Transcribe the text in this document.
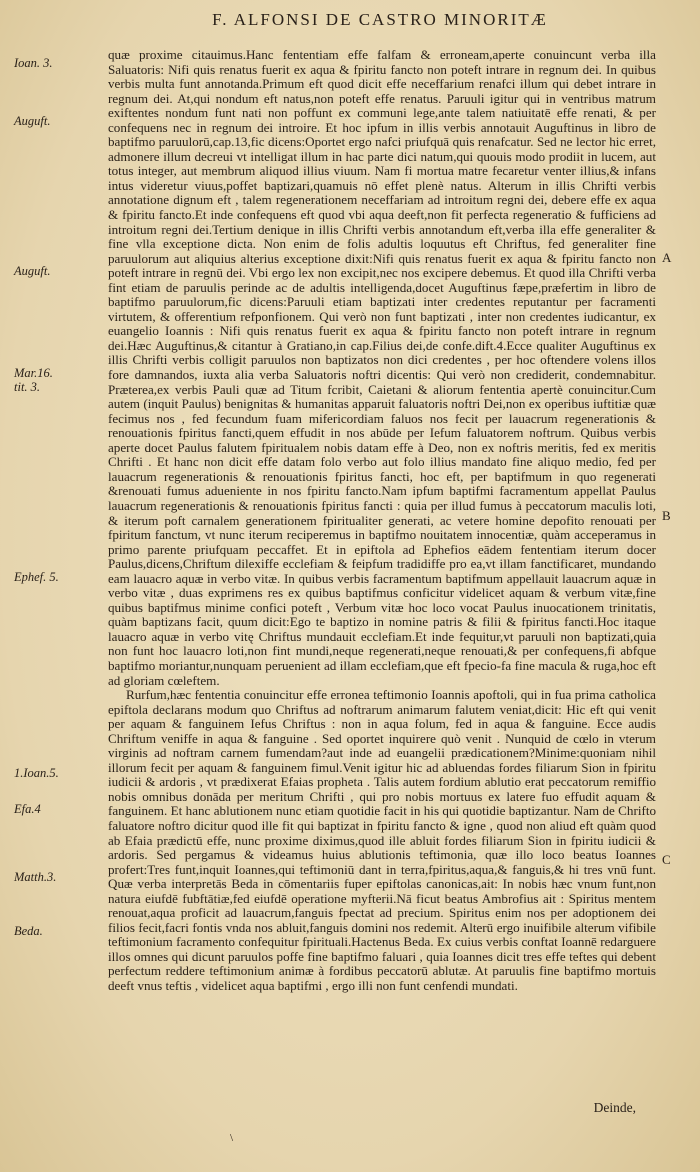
F. ALFONSI DE CASTRO MINORITÆ
Ioan. 3.
Auguft.
Auguft.
Mar.16.
tit. 3.
Ephef. 5.
1.Ioan.5.
Efa.4
Matth.3.
Beda.
A
B
C

quæ proxime citauimus.Hanc fententiam effe falfam & erroneam,aperte conuincunt verba illa Saluatoris: Nifi quis renatus fuerit ex aqua & fpiritu fancto non poteft intrare in regnum dei. In quibus verbis multa funt annotanda.Primum eft quod dicit effe neceffarium renafci illum qui debet intrare in regnum dei. At,qui nondum eft natus,non poteft effe renatus. Paruuli igitur qui in ventribus matrum exiftentes nondum funt nati non poffunt ex communi lege,ante talem natiuitatē effe renati, & per confequens nec in regnum dei introire. Et hoc ipfum in illis verbis annotauit Auguftinus in libro de baptifmo paruulorū,cap.13,fic dicens:Oportet ergo nafci priufquā quis renafcatur. Sed ne lector hic erret, admonere illum decreui vt intelligat illum in hac parte dici natum,qui quouis modo prodiit in lucem, aut totus integer, aut membrum aliquod illius viuum. Nam fi mortua matre fecaretur venter illius,& infans intus videretur viuus,poffet baptizari,quamuis nō effet plenè natus. Alterum in illis Chrifti verbis annotatione dignum eft , talem regenerationem neceffariam ad introitum regni dei, debere effe ex aqua & fpiritu fancto.Et inde confequens eft quod vbi aqua deeft,non fit perfecta regeneratio & fufficiens ad introitum regni dei.Tertium denique in illis Chrifti verbis annotandum eft,verba illa effe generaliter & fine vlla exceptione dicta. Non enim de folis adultis loquutus eft Chriftus, fed generaliter fine paruulorum aut aliquius alterius exceptione dixit:Nifi quis renatus fuerit ex aqua & fpiritu fancto non poteft intrare in regnū dei. Vbi ergo lex non excipit,nec nos excipere debemus. Et quod illa Chrifti verba fint etiam de paruulis perinde ac de adultis intelligenda,docet Auguftinus fæpe,præfertim in libro de baptifmo paruulorum,fic dicens:Paruuli etiam baptizati inter credentes reputantur per facramenti virtutem, & offerentium refponfionem. Qui verò non funt baptizati , inter non credentes iudicantur, ex euangelio Ioannis : Nifi quis renatus fuerit ex aqua & fpiritu fancto non poteft intrare in regnum dei.Hæc Auguftinus,& citantur à Gratiano,in cap.Filius dei,de confe.dift.4.Ecce qualiter Auguftinus ex illis Chrifti verbis colligit paruulos non baptizatos non dici credentes , per hoc oftendere volens illos fore damnandos, iuxta alia verba Saluatoris noftri dicentis: Qui verò non crediderit, condemnabitur. Præterea,ex verbis Pauli quæ ad Titum fcribit, Caietani & aliorum fententia apertè conuincitur.Cum autem (inquit Paulus) benignitas & humanitas apparuit faluatoris noftri Dei,non ex operibus iuftitiæ quæ fecimus nos , fed fecundum fuam mifericordiam faluos nos fecit per lauacrum regenerationis & renouationis fpiritus fancti,quem effudit in nos abūde per Iefum faluatorem noftrum. Quibus verbis aperte docet Paulus falutem fpiritualem nobis datam effe à Deo, non ex noftris meritis, fed ex meritis Chrifti . Et hanc non dicit effe datam folo verbo aut folo illius mandato fine aliquo medio, fed per lauacrum regenerationis & renouationis fpiritus fancti, hoc eft, per baptifmum in quo regenerati &renouati fumus adueniente in nos fpiritu fancto.Nam ipfum baptifmi facramentum appellat Paulus lauacrum regenerationis & renouationis fpiritus fancti : quia per illud fumus à peccatorum maculis loti, & iterum poft carnalem generationem fpiritualiter generati, ac vetere homine depofito renouati per fpiritum fanctum, vt nunc iterum reciperemus in baptifmo nouitatem innocentiæ, quàm acceperamus in primo parente priufquam peccaffet. Et in epiftola ad Ephefios eādem fententiam iterum docer Paulus,dicens,Chriftum dilexiffe ecclefiam & feipfum tradidiffe pro ea,vt illam fanctificaret, mundando eam lauacro aquæ in verbo vitæ. In quibus verbis facramentum baptifmum appellauit lauacrum aquæ in verbo vitæ , duas exprimens res ex quibus baptifmus conficitur videlicet aquam & verbum vitæ,fine quibus baptifmus minime confici poteft , Verbum vitæ hoc loco vocat Paulus inuocationem trinitatis, quàm baptizans facit, quum dicit:Ego te baptizo in nomine patris & filii & fpiritus fancti.Hoc itaque lauacro aquæ in verbo vitę Chriftus mundauit ecclefiam.Et inde fequitur,vt paruuli non baptizati,quia non funt hoc lauacro loti,non fint mundi,neque regenerati,neque renouati,& per confequens,fi abfque baptifmo moriantur,nunquam peruenient ad illam ecclefiam,que eft fpecio-fa fine macula & ruga,hoc eft ad gloriam cœleftem.

Rurfum,hæc fententia conuincitur effe erronea teftimonio Ioannis apoftoli, qui in fua prima catholica epiftola declarans modum quo Chriftus ad noftrarum animarum falutem veniat,dicit: Hic eft qui venit per aquam & fanguinem Iefus Chriftus : non in aqua folum, fed in aqua & fanguine. Ecce audis Chriftum veniffe in aqua & fanguine . Sed oportet inquirere quò venit . Nunquid de cœlo in vterum virginis ad noftram carnem fumendam?aut inde ad euangelii prædicationem?Minime:quoniam nihil illorum fecit per aquam & fanguinem fimul.Venit igitur hic ad abluendas fordes filiarum Sion in fpiritu iudicii & ardoris , vt prædixerat Efaias propheta . Talis autem fordium ablutio erat peccatorum remiffio nobis omnibus donāda per meritum Chrifti , qui pro nobis mortuus ex latere fuo effudit aquam & fanguinem. Et hanc ablutionem nunc etiam quotidie facit in his qui quotidie baptizantur. Nam de Chrifto faluatore noftro dicitur quod ille fit qui baptizat in fpiritu fancto & igne , quod non aliud eft quàm quod ab Efaia prædictū effe, nunc proxime diximus,quod ille abluit fordes filiarum Sion in fpiritu iudicii & ardoris. Sed pergamus & videamus huius ablutionis teftimonia, quæ illo loco beatus Ioannes profert:Tres funt,inquit Ioannes,qui teftimoniū dant in terra,fpiritus,aqua,& fanguis,& hi tres vnū funt. Quæ verba interpretās Beda in cōmentariis fuper epiftolas canonicas,ait: In nobis hæc vnum funt,non natura eiufdē fubftātiæ,fed eiufdē operatione myfterii.Nā ficut beatus Ambrofius ait : Spiritus mentem renouat,aqua proficit ad lauacrum,fanguis fpectat ad precium. Spiritus enim nos per adoptionem dei filios fecit,facri fontis vnda nos abluit,fanguis domini nos redemit. Alterū ergo inuifibile alterum vifibile teftimonium facramento confequitur fpirituali.Hactenus Beda. Ex cuius verbis conftat Ioannē redarguere illos omnes qui dicunt paruulos poffe fine baptifmo faluari , quia Ioannes dicit tres effe teftes qui debent perfectum reddere teftimonium animæ à fordibus peccatorū ablutæ. At paruulis fine baptifmo mortuis deeft vnus teftis , videlicet aqua baptifmi , ergo illi non funt cenfendi mundati.

Deinde,
\
